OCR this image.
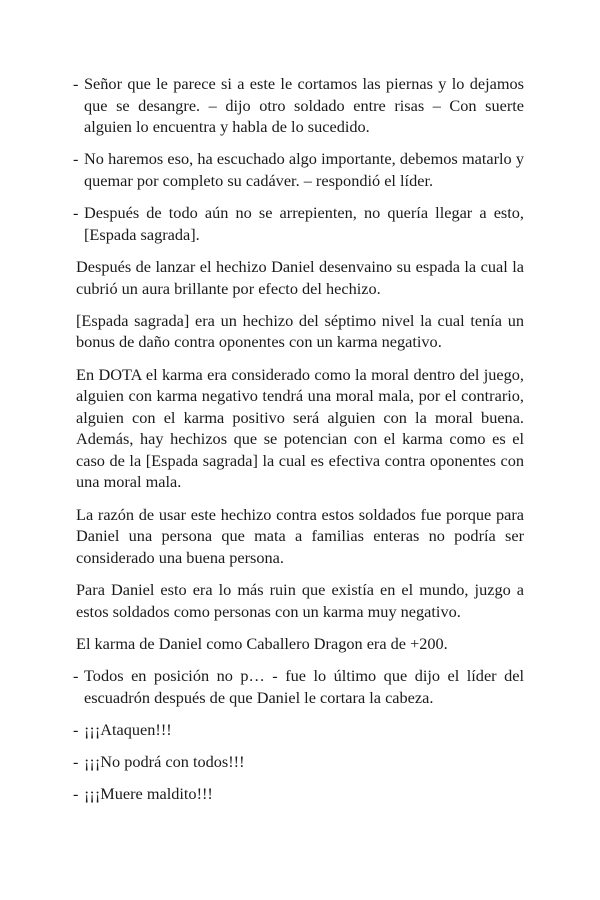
- Señor que le parece si a este le cortamos las piernas y lo dejamos que se desangre. – dijo otro soldado entre risas – Con suerte alguien lo encuentra y habla de lo sucedido.
- No haremos eso, ha escuchado algo importante, debemos matarlo y quemar por completo su cadáver. – respondió el líder.
- Después de todo aún no se arrepienten, no quería llegar a esto, [Espada sagrada].

Después de lanzar el hechizo Daniel desenvaino su espada la cual la cubrió un aura brillante por efecto del hechizo.

[Espada sagrada] era un hechizo del séptimo nivel la cual tenía un bonus de daño contra oponentes con un karma negativo.

En DOTA el karma era considerado como la moral dentro del juego, alguien con karma negativo tendrá una moral mala, por el contrario, alguien con el karma positivo será alguien con la moral buena. Además, hay hechizos que se potencian con el karma como es el caso de la [Espada sagrada] la cual es efectiva contra oponentes con una moral mala.

La razón de usar este hechizo contra estos soldados fue porque para Daniel una persona que mata a familias enteras no podría ser considerado una buena persona.

Para Daniel esto era lo más ruin que existía en el mundo, juzgo a estos soldados como personas con un karma muy negativo.

El karma de Daniel como Caballero Dragon era de +200.

- Todos en posición no p… - fue lo último que dijo el líder del escuadrón después de que Daniel le cortara la cabeza.
- ¡¡¡Ataquen!!!
- ¡¡¡No podrá con todos!!!
- ¡¡¡Muere maldito!!!
